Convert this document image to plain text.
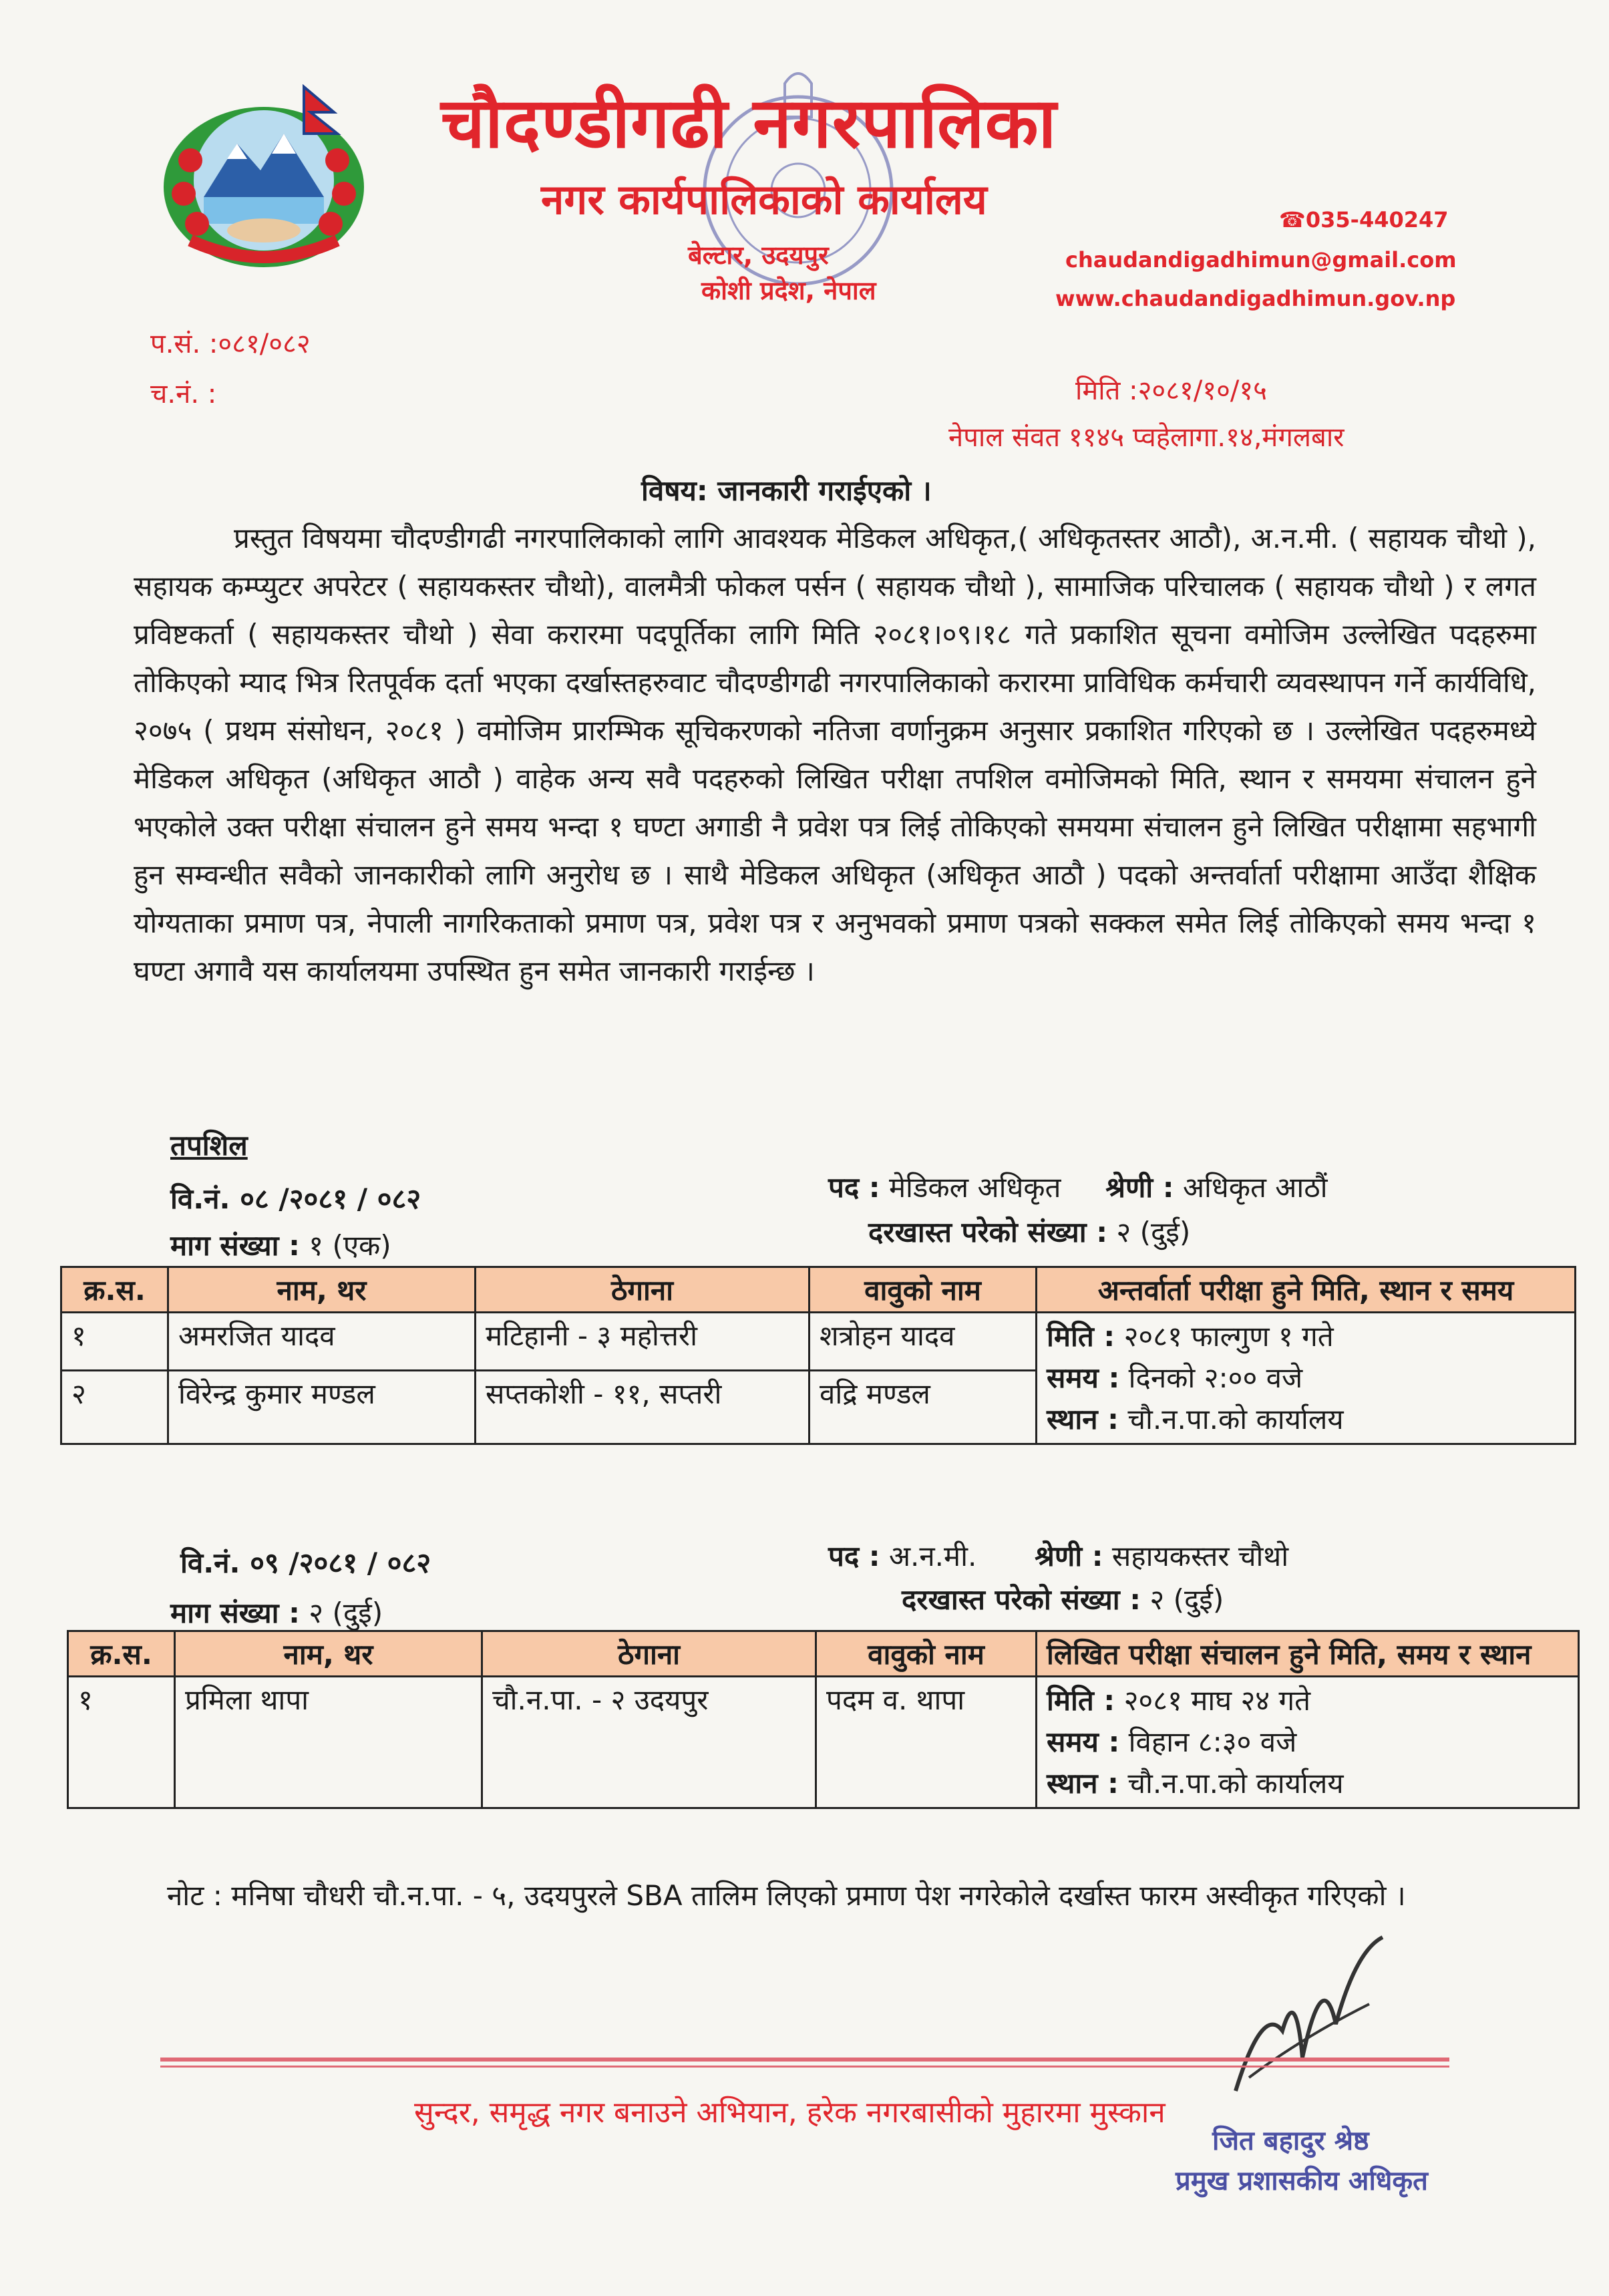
चौदण्डीगढी नगरपालिका
नगर कार्यपालिकाको कार्यालय
बेल्टार, उदयपुर
कोशी प्रदेश, नेपाल
☎035-440247
chaudandigadhimun@gmail.com
www.chaudandigadhimun.gov.np
प.सं. :०८१/०८२
च.नं. :	मिति :२०८१/१०/१५
नेपाल संवत ११४५ प्वहेलागा.१४,मंगलबार
विषय: जानकारी गराईएको ।
प्रस्तुत विषयमा चौदण्डीगढी नगरपालिकाको लागि आवश्यक मेडिकल अधिकृत,( अधिकृतस्तर आठौ), अ.न.मी. ( सहायक चौथो ), सहायक कम्प्युटर अपरेटर ( सहायकस्तर चौथो), वालमैत्री फोकल पर्सन ( सहायक चौथो ), सामाजिक परिचालक ( सहायक चौथो ) र लगत प्रविष्टकर्ता ( सहायकस्तर चौथो ) सेवा करारमा पदपूर्तिका लागि मिति २०८१।०९।१८ गते प्रकाशित सूचना वमोजिम उल्लेखित पदहरुमा तोकिएको म्याद भित्र रितपूर्वक दर्ता भएका दर्खास्तहरुवाट चौदण्डीगढी नगरपालिकाको करारमा प्राविधिक कर्मचारी व्यवस्थापन गर्ने कार्यविधि, २०७५ ( प्रथम संसोधन, २०८१ ) वमोजिम प्रारम्भिक सूचिकरणको नतिजा वर्णानुक्रम अनुसार प्रकाशित गरिएको छ । उल्लेखित पदहरुमध्ये मेडिकल अधिकृत (अधिकृत आठौ ) वाहेक अन्य सवै पदहरुको लिखित परीक्षा तपशिल वमोजिमको मिति, स्थान र समयमा संचालन हुने भएकोले उक्त परीक्षा संचालन हुने समय भन्दा १ घण्टा अगाडी नै प्रवेश पत्र लिई तोकिएको समयमा संचालन हुने लिखित परीक्षामा सहभागी हुन सम्वन्धीत सवैको जानकारीको लागि अनुरोध छ । साथै मेडिकल अधिकृत (अधिकृत आठौ ) पदको अन्तर्वार्ता परीक्षामा आउँदा शैक्षिक योग्यताका प्रमाण पत्र, नेपाली नागरिकताको प्रमाण पत्र, प्रवेश पत्र र अनुभवको प्रमाण पत्रको सक्कल समेत लिई तोकिएको समय भन्दा १ घण्टा अगावै यस कार्यालयमा उपस्थित हुन समेत जानकारी गराईन्छ ।
तपशिल
वि.नं. ०८ /२०८१ / ०८२	पद : मेडिकल अधिकृत श्रेणी : अधिकृत आठौं
माग संख्या : १ (एक)	दरखास्त परेको संख्या : २ (दुई)
क्र.स.	नाम, थर	ठेगाना	वावुको नाम	अन्तर्वार्ता परीक्षा हुने मिति, स्थान र समय
१	अमरजित यादव	मटिहानी - ३ महोत्तरी	शत्रोहन यादव	मिति : २०८१ फाल्गुण १ गते
समय : दिनको २:०० वजे
स्थान : चौ.न.पा.को कार्यालय

२	विरेन्द्र कुमार मण्डल	सप्तकोशी - ११, सप्तरी	वद्रि मण्डल	
वि.नं. ०९ /२०८१ / ०८२	पद : अ.न.मी. श्रेणी : सहायकस्तर चौथो
माग संख्या : २ (दुई)	दरखास्त परेको संख्या : २ (दुई)
क्र.स.	नाम, थर	ठेगाना	वावुको नाम	लिखित परीक्षा संचालन हुने मिति, समय र स्थान
१	प्रमिला थापा	चौ.न.पा. - २ उदयपुर	पदम व. थापा	मिति : २०८१ माघ २४ गते
समय : विहान ८:३० वजे
स्थान : चौ.न.पा.को कार्यालय
नोट : मनिषा चौधरी चौ.न.पा. - ५, उदयपुरले SBA तालिम लिएको प्रमाण पेश नगरेकोले दर्खास्त फारम अस्वीकृत गरिएको ।
सुन्दर, समृद्ध नगर बनाउने अभियान, हरेक नगरबासीको मुहारमा मुस्कान
जित बहादुर श्रेष्ठ
प्रमुख प्रशासकीय अधिकृत
